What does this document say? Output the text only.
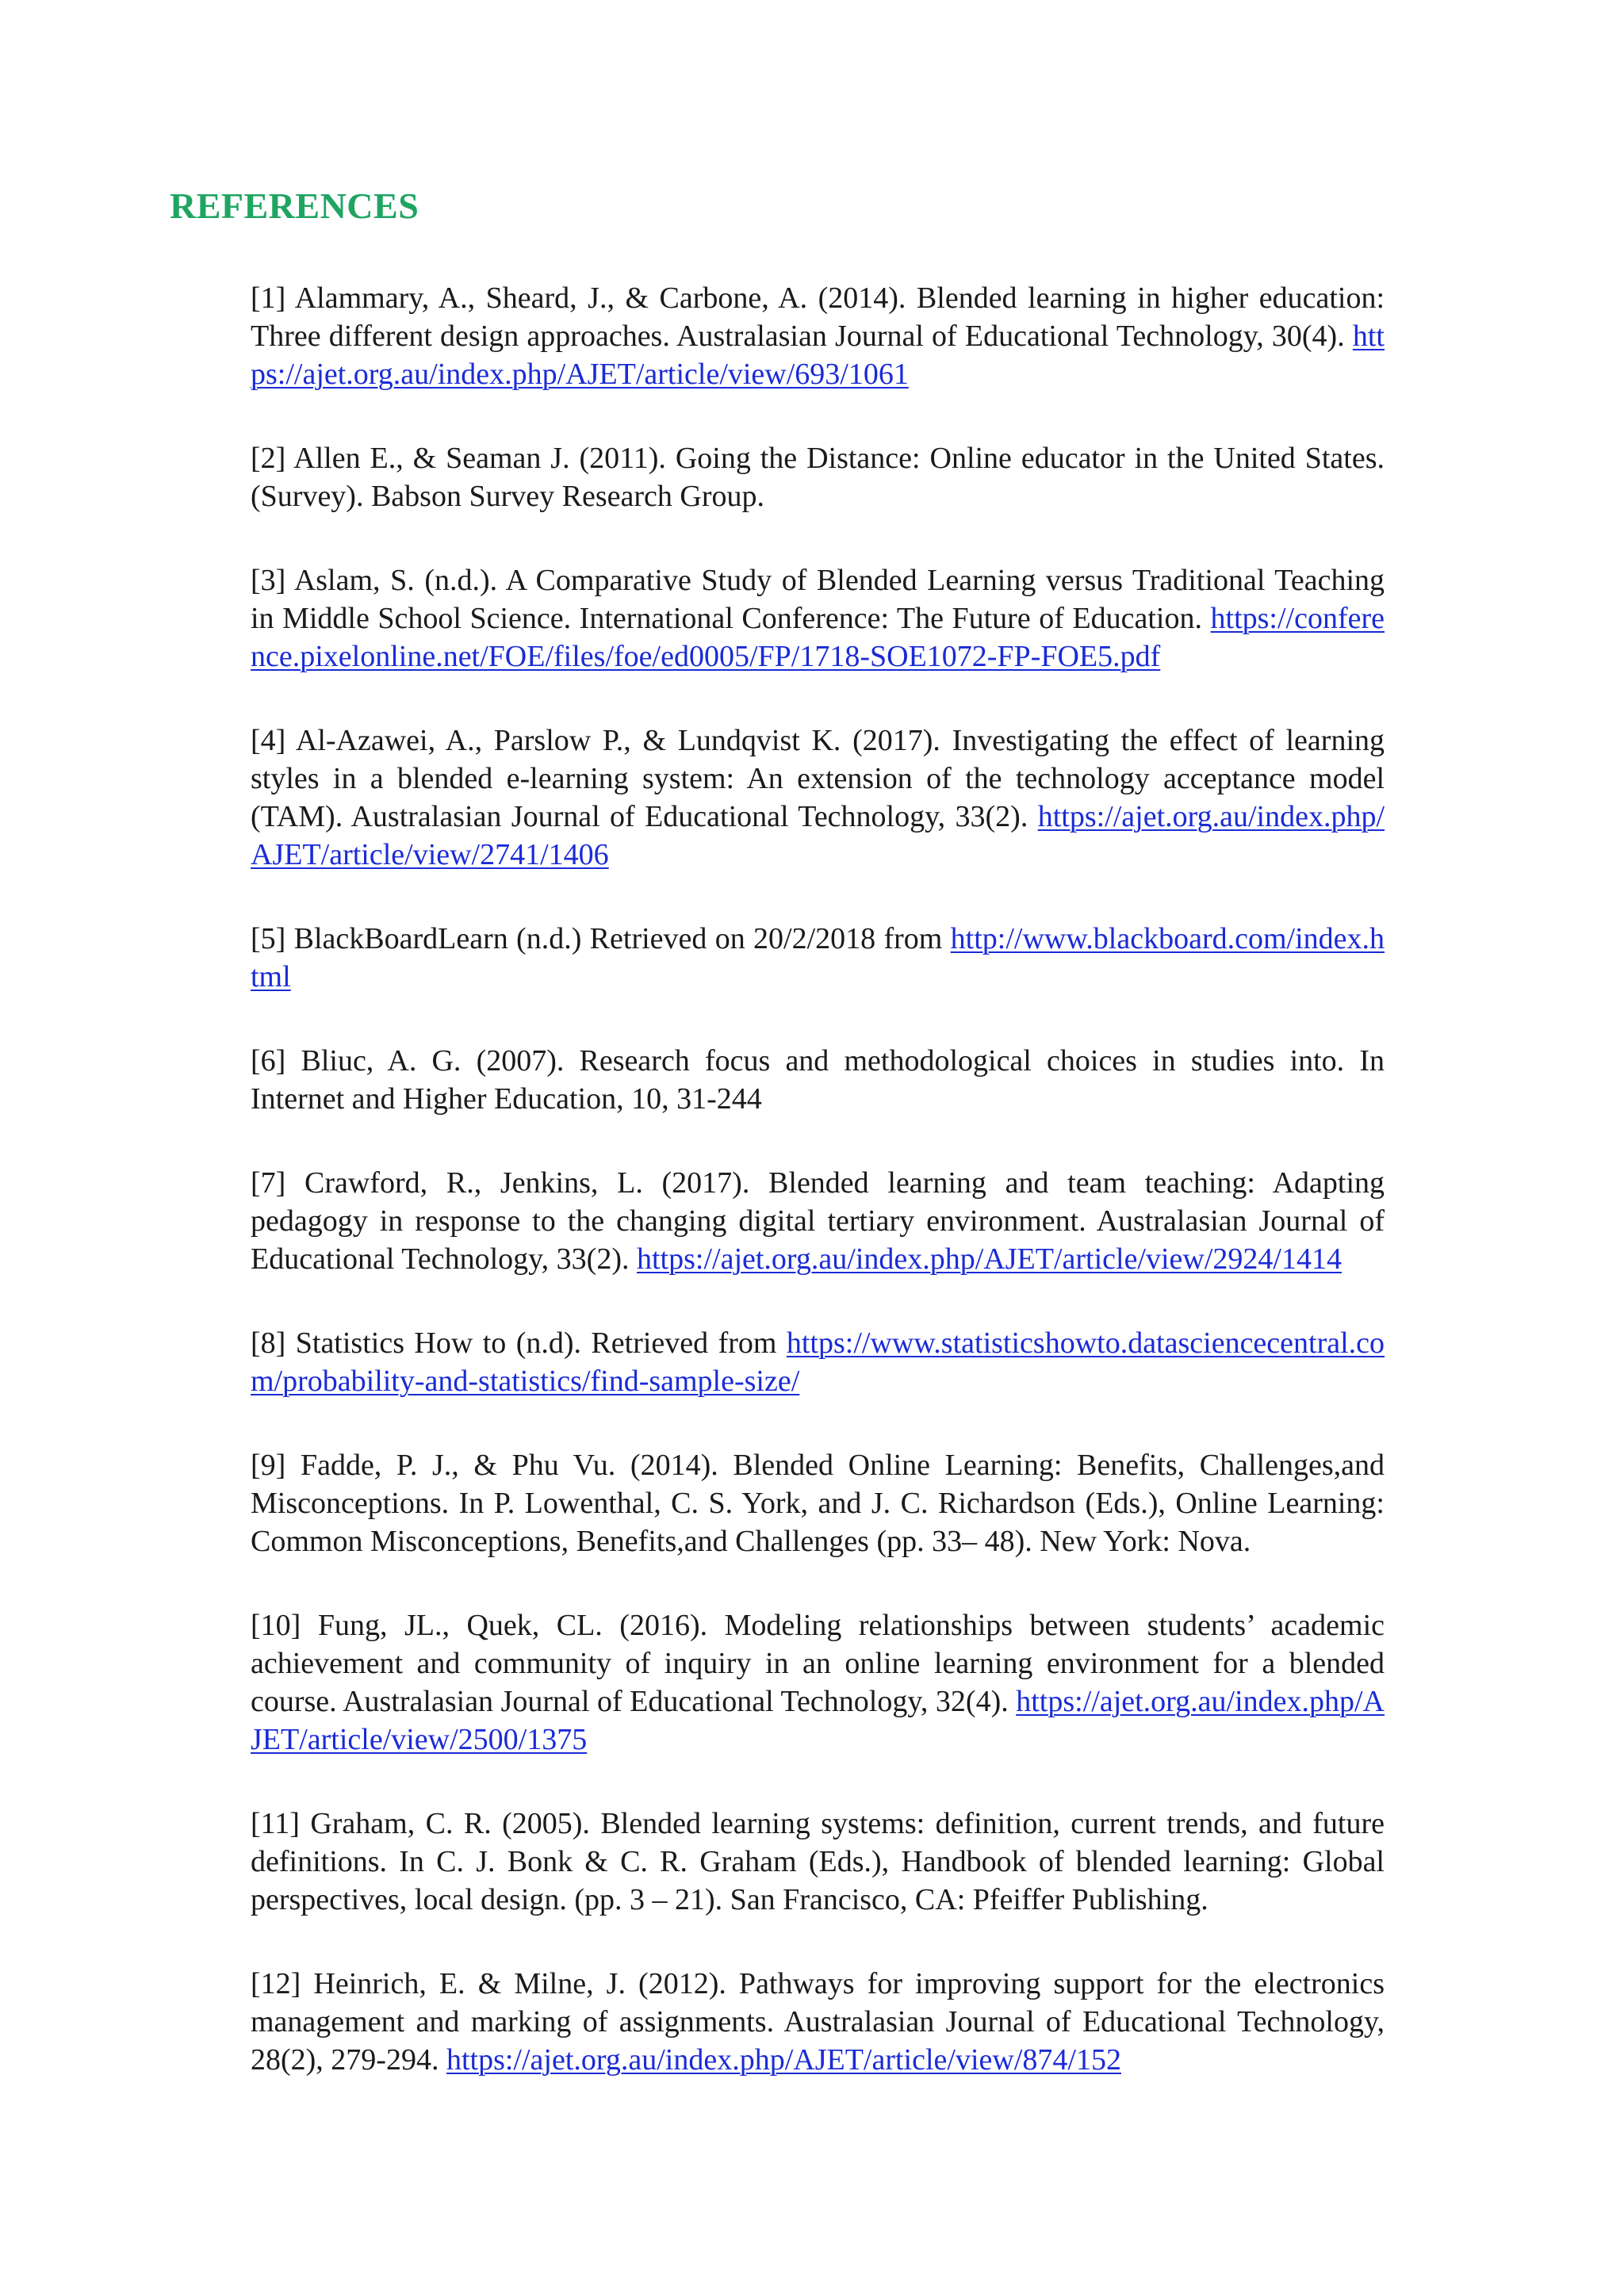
REFERENCES
[1] Alammary, A., Sheard, J., & Carbone, A. (2014). Blended learning in higher education: Three different design approaches. Australasian Journal of Educational Technology, 30(4). https://ajet.org.au/index.php/AJET/article/view/693/1061
[2] Allen E., & Seaman J. (2011). Going the Distance: Online educator in the United States. (Survey). Babson Survey Research Group.
[3] Aslam, S. (n.d.). A Comparative Study of Blended Learning versus Traditional Teaching in Middle School Science. International Conference: The Future of Education. https://conference.pixelonline.net/FOE/files/foe/ed0005/FP/1718-SOE1072-FP-FOE5.pdf
[4] Al-Azawei, A., Parslow P., & Lundqvist K. (2017). Investigating the effect of learning styles in a blended e-learning system: An extension of the technology acceptance model (TAM). Australasian Journal of Educational Technology, 33(2). https://ajet.org.au/index.php/AJET/article/view/2741/1406
[5] BlackBoardLearn (n.d.) Retrieved on 20/2/2018 from http://www.blackboard.com/index.html
[6] Bliuc, A. G. (2007). Research focus and methodological choices in studies into. In Internet and Higher Education, 10, 31-244
[7] Crawford, R., Jenkins, L. (2017). Blended learning and team teaching: Adapting pedagogy in response to the changing digital tertiary environment. Australasian Journal of Educational Technology, 33(2). https://ajet.org.au/index.php/AJET/article/view/2924/1414
[8] Statistics How to (n.d). Retrieved from https://www.statisticshowto.datasciencecentral.com/probability-and-statistics/find-sample-size/
[9] Fadde, P. J., & Phu Vu. (2014). Blended Online Learning: Benefits, Challenges,and Misconceptions. In P. Lowenthal, C. S. York, and J. C. Richardson (Eds.), Online Learning: Common Misconceptions, Benefits,and Challenges (pp. 33– 48). New York: Nova.
[10] Fung, JL., Quek, CL. (2016). Modeling relationships between students’ academic achievement and community of inquiry in an online learning environment for a blended course. Australasian Journal of Educational Technology, 32(4). https://ajet.org.au/index.php/AJET/article/view/2500/1375
[11] Graham, C. R. (2005). Blended learning systems: definition, current trends, and future definitions. In C. J. Bonk & C. R. Graham (Eds.), Handbook of blended learning: Global perspectives, local design. (pp. 3 – 21). San Francisco, CA: Pfeiffer Publishing.
[12] Heinrich, E. & Milne, J. (2012). Pathways for improving support for the electronics management and marking of assignments. Australasian Journal of Educational Technology, 28(2), 279-294. https://ajet.org.au/index.php/AJET/article/view/874/152
